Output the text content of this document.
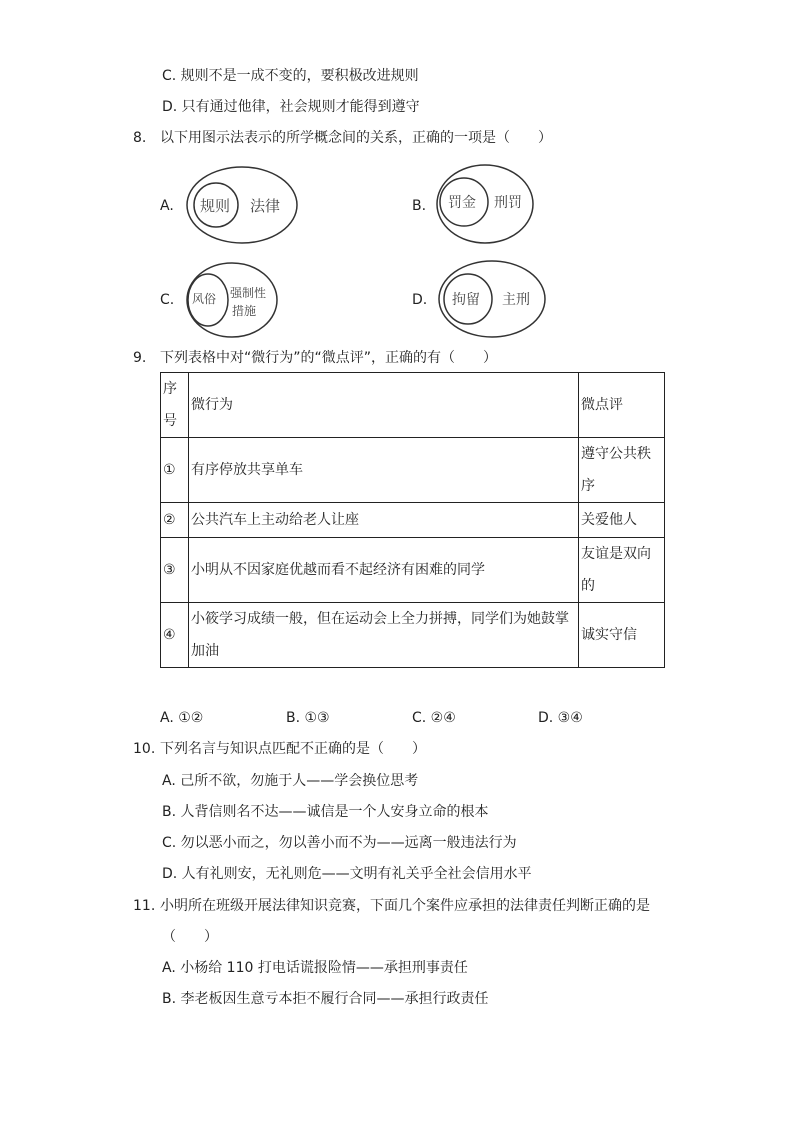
C. 规则不是一成不变的，要积极改进规则
D. 只有通过他律，社会规则才能得到遵守
8. 以下用图示法表示的所学概念间的关系，正确的一项是（　　）
A. 规则 法律	B. 罚金 刑罚
C. 风俗 强制性
措施
D. 拘留 主刑
9. 下列表格中对“微行为”的“微点评”，正确的有（　　）
序号	微行为	微点评
①	有序停放共享单车	遵守公共秩序
②	公共汽车上主动给老人让座	关爱他人
③	小明从不因家庭优越而看不起经济有困难的同学	友谊是双向的
④	小筱学习成绩一般，但在运动会上全力拼搏，同学们为她鼓掌加油	诚实守信
A. ①②	B. ①③	C. ②④	D. ③④
10. 下列名言与知识点匹配不正确的是（　　）
A. 己所不欲，勿施于人——学会换位思考
B. 人背信则名不达——诚信是一个人安身立命的根本
C. 勿以恶小而之，勿以善小而不为——远离一般违法行为
D. 人有礼则安，无礼则危——文明有礼关乎全社会信用水平
11. 小明所在班级开展法律知识竞赛，下面几个案件应承担的法律责任判断正确的是
（　　）
A. 小杨给 110 打电话谎报险情——承担刑事责任
B. 李老板因生意亏本拒不履行合同——承担行政责任
